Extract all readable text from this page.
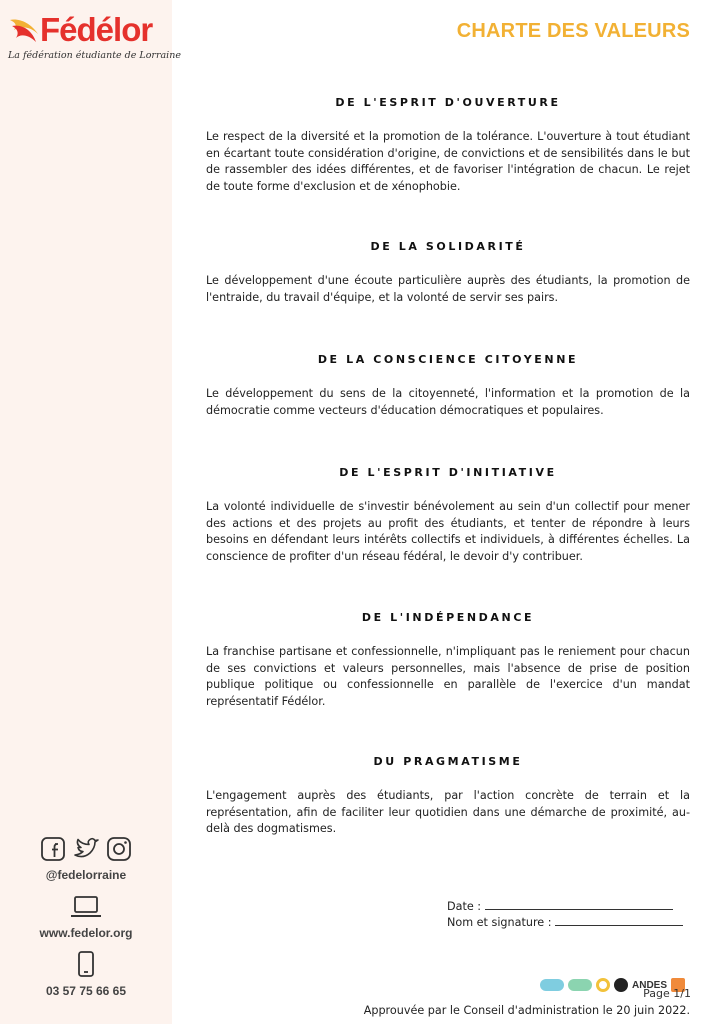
Fédélor
La fédération étudiante de Lorraine
CHARTE DES VALEURS
DE L'ESPRIT D'OUVERTURE

Le respect de la diversité et la promotion de la tolérance. L'ouverture à tout étudiant en écartant toute considération d'origine, de convictions et de sensibilités dans le but de rassembler des idées différentes, et de favoriser l'intégration de chacun. Le rejet de toute forme d'exclusion et de xénophobie.

DE LA SOLIDARITÉ

Le développement d'une écoute particulière auprès des étudiants, la promotion de l'entraide, du travail d'équipe, et la volonté de servir ses pairs.

DE LA CONSCIENCE CITOYENNE

Le développement du sens de la citoyenneté, l'information et la promotion de la démocratie comme vecteurs d'éducation démocratiques et populaires.

DE L'ESPRIT D'INITIATIVE

La volonté individuelle de s'investir bénévolement au sein d'un collectif pour mener des actions et des projets au profit des étudiants, et tenter de répondre à leurs besoins en défendant leurs intérêts collectifs et individuels, à différentes échelles. La conscience de profiter d'un réseau fédéral, le devoir d'y contribuer.

DE L'INDÉPENDANCE

La franchise partisane et confessionnelle, n'impliquant pas le reniement pour chacun de ses convictions et valeurs personnelles, mais l'absence de prise de position publique politique ou confessionnelle en parallèle de l'exercice d'un mandat représentatif Fédélor.

DU PRAGMATISME

L'engagement auprès des étudiants, par l'action concrète de terrain et la représentation, afin de faciliter leur quotidien dans une démarche de proximité, au-delà des dogmatismes.

@fedelorraine
www.fedelor.org
03 57 75 66 65
Date :
Nom et signature :
ANDES
Page 1/1
Approuvée par le Conseil d'administration le 20 juin 2022.
